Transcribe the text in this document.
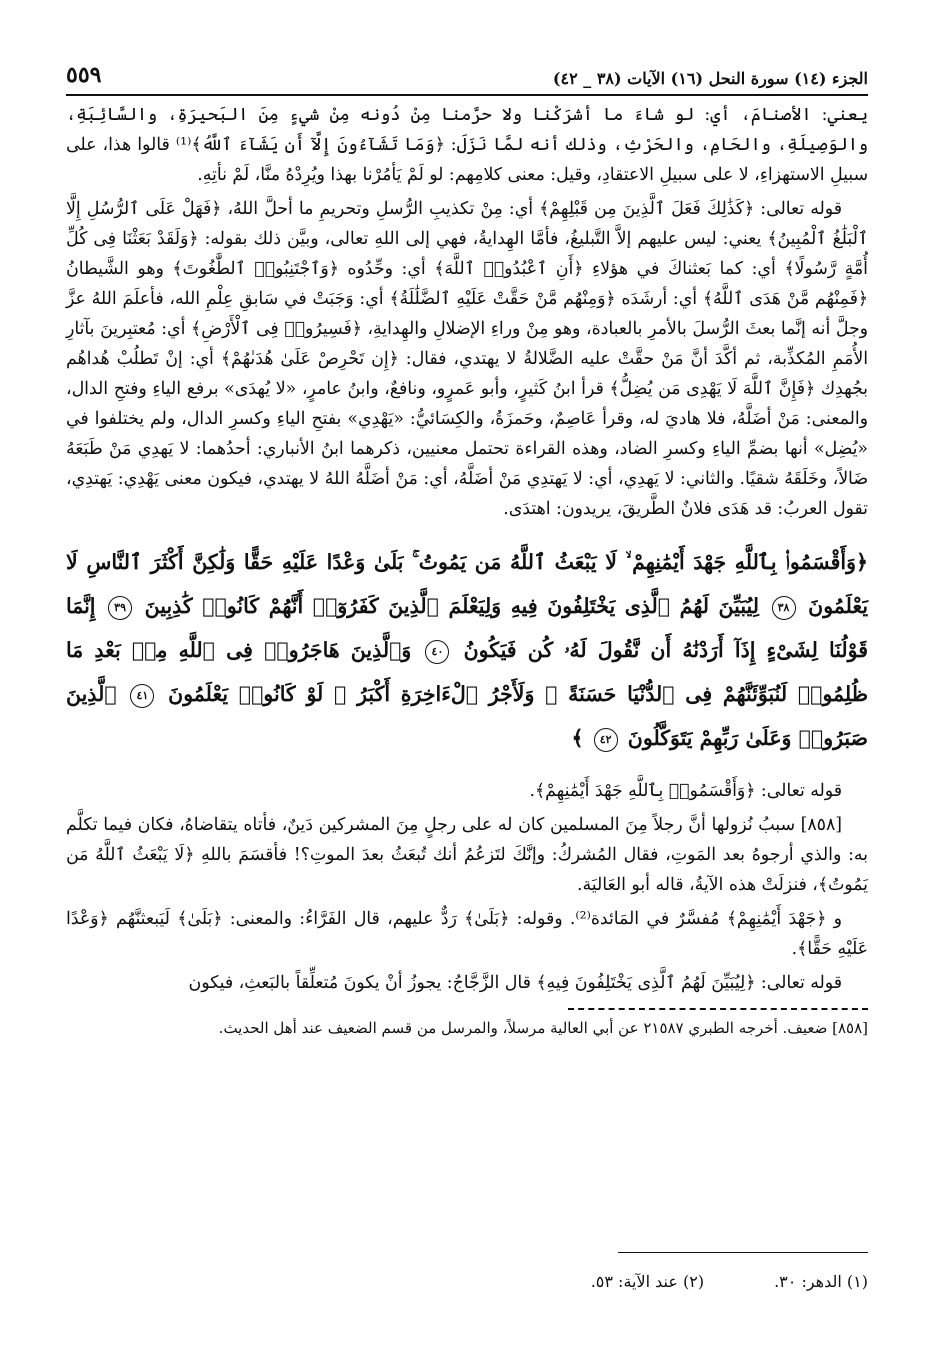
الجزء (١٤) سورة النحل (١٦) الآيات (٣٨ _ ٤٢)
٥٥٩

يعني: الأصنامَ، أي: لو شاءَ ما أشرَكْنا ولا حرَّمنا مِنْ دُونه مِنْ شيءٍ مِنَ البَحيرَةِ، والسَّائِبَةِ، والوَصِيلَةِ، والحَامِ، والحَرْثِ، وذلك أنه لمَّا نَزَلَ: ﴿وَمَا تَشَآءُونَ إِلَّآ أَن يَشَآءَ ٱللَّهُ﴾⁽¹⁾ قالوا هذا، على سبيلِ الاستهزاءِ، لا على سبيلِ الاعتقادِ، وقيل: معنى كلامِهم: لو لَمْ يَأمُرْنا بهذا ويُرِدْهُ منَّا، لَمْ نأتِهِ.

قوله تعالى: ﴿كَذَٰلِكَ فَعَلَ ٱلَّذِينَ مِن قَبْلِهِمْ﴾ أي: مِنْ تكذيبِ الرُّسلِ وتحريمِ ما أحلَّ اللهُ، ﴿فَهَلْ عَلَى ٱلرُّسُلِ إِلَّا ٱلْبَلَٰغُ ٱلْمُبِينُ﴾ يعني: ليس عليهم إلاَّ التَّبليغُ، فأمَّا الهِدايةُ، فهي إلى اللهِ تعالى، وبيَّن ذلك بقوله: ﴿وَلَقَدْ بَعَثْنَا فِى كُلِّ أُمَّةٍ رَّسُولًا﴾ أي: كما بَعثناكَ في هؤلاءِ ﴿أَنِ ٱعْبُدُوا۟ ٱللَّهَ﴾ أي: وحِّدُوه ﴿وَٱجْتَنِبُوا۟ ٱلطَّٰغُوتَ﴾ وهو الشَّيطانُ ﴿فَمِنْهُم مَّنْ هَدَى ٱللَّهُ﴾ أي: أرشَدَه ﴿وَمِنْهُم مَّنْ حَقَّتْ عَلَيْهِ ٱلضَّلَٰلَةُ﴾ أي: وَجَبَتْ في سَابقِ عِلْمِ الله، فأعلَمَ اللهُ عزَّ وجلَّ أنه إنَّما بعثَ الرُّسلَ بالأمرِ بالعبادة، وهو مِنْ وراءِ الإضلالِ والهِدايةِ، ﴿فَسِيرُوا۟ فِى ٱلْأَرْضِ﴾ أي: مُعتبِرينَ بآثارِ الأُمَمِ المُكذِّبة، ثم أكَّدَ أنَّ مَنْ حقَّتْ عليه الضَّلالةُ لا يهتدي، فقال: ﴿إِن تَحْرِصْ عَلَىٰ هُدَىٰهُمْ﴾ أي: إنْ تَطلُبْ هُداهُم بجُهدِك ﴿فَإِنَّ ٱللَّهَ لَا يَهْدِى مَن يُضِلُّ﴾ قرأ ابنُ كَثيرٍ، وأبو عَمرٍو، ونافعٌ، وابنُ عامرٍ، «لا يُهدَى» برفع الياءِ وفتحِ الدال، والمعنى: مَنْ أضَلَّهُ، فلا هاديَ له، وقرأ عَاصِمٌ، وحَمزَةُ، والكِسَائيُّ: «يَهْدِي» بفتحِ الياءِ وكسرِ الدال، ولم يختلفوا في «يُضِل» أنها بضمِّ الياءِ وكسرِ الضاد، وهذه القراءة تحتمل معنيين، ذكرهما ابنُ الأنباري: أحدُهما: لا يَهدِي مَنْ طَبَعَهُ ضَالاً، وخَلَقَهُ شقيًا. والثاني: لا يَهدِي، أي: لا يَهتدِي مَنْ أضَلَّهُ، أي: مَنْ أضَلَّهُ اللهُ لا يهتدي، فيكون معنى يَهْدِي: يَهتدِي، تقول العربُ: قد هَدَى فلانٌ الطَّريقَ، يريدون: اهتدَى.

﴿وَأَقْسَمُوا۟ بِٱللَّهِ جَهْدَ أَيْمَٰنِهِمْ ۙ لَا يَبْعَثُ ٱللَّهُ مَن يَمُوتُ ۚ بَلَىٰ وَعْدًا عَلَيْهِ حَقًّا وَلَٰكِنَّ أَكْثَرَ ٱلنَّاسِ لَا يَعْلَمُونَ ٣٨ لِيُبَيِّنَ لَهُمُ ٱلَّذِى يَخْتَلِفُونَ فِيهِ وَلِيَعْلَمَ ٱلَّذِينَ كَفَرُوٓا۟ أَنَّهُمْ كَانُوا۟ كَٰذِبِينَ ٣٩ إِنَّمَا قَوْلُنَا لِشَىْءٍ إِذَآ أَرَدْنَٰهُ أَن نَّقُولَ لَهُۥ كُن فَيَكُونُ ٤٠ وَٱلَّذِينَ هَاجَرُوا۟ فِى ٱللَّهِ مِنۢ بَعْدِ مَا ظُلِمُوا۟ لَنُبَوِّئَنَّهُمْ فِى ٱلدُّنْيَا حَسَنَةً ۖ وَلَأَجْرُ ٱلْءَاخِرَةِ أَكْبَرُ ۚ لَوْ كَانُوا۟ يَعْلَمُونَ ٤١ ٱلَّذِينَ صَبَرُوا۟ وَعَلَىٰ رَبِّهِمْ يَتَوَكَّلُونَ ٤٢ ﴾

قوله تعالى: ﴿وَأَقْسَمُوا۟ بِٱللَّهِ جَهْدَ أَيْمَٰنِهِمْ﴾.

[٨٥٨] سببُ نُزولها أنَّ رجلاً مِنَ المسلمين كان له على رجلٍ مِنَ المشركين دَينٌ، فأتاه يتقاضاهُ، فكان فيما تكلَّم به: والذي أرجوهُ بعد المَوتِ، فقال المُشركُ: وإنَّكَ لتَزعُمُ أنك تُبعَثُ بعدَ الموتِ؟! فأقسَمَ باللهِ ﴿لَا يَبْعَثُ ٱللَّهُ مَن يَمُوتُ﴾، فنزلَتْ هذه الآيةُ، قاله أبو العَاليَة.

و ﴿جَهْدَ أَيْمَٰنِهِمْ﴾ مُفسَّرٌ في المَائدة⁽²⁾. وقوله: ﴿بَلَىٰ﴾ رَدٌّ عليهم، قال الفَرَّاءُ: والمعنى: ﴿بَلَىٰ﴾ لَيَبعثنَّهُم ﴿وَعْدًا عَلَيْهِ حَقًّا﴾.

قوله تعالى: ﴿لِيُبَيِّنَ لَهُمُ ٱلَّذِى يَخْتَلِفُونَ فِيهِ﴾ قال الزَّجَّاجُ: يجوزُ أنْ يكونَ مُتعلِّقاً بالبَعثِ، فيكون

[٨٥٨] ضعيف. أخرجه الطبري ٢١٥٨٧ عن أبي العالية مرسلاً، والمرسل من قسم الضعيف عند أهل الحديث.

(١) الدهر: ٣٠.
(٢) عند الآية: ٥٣.
